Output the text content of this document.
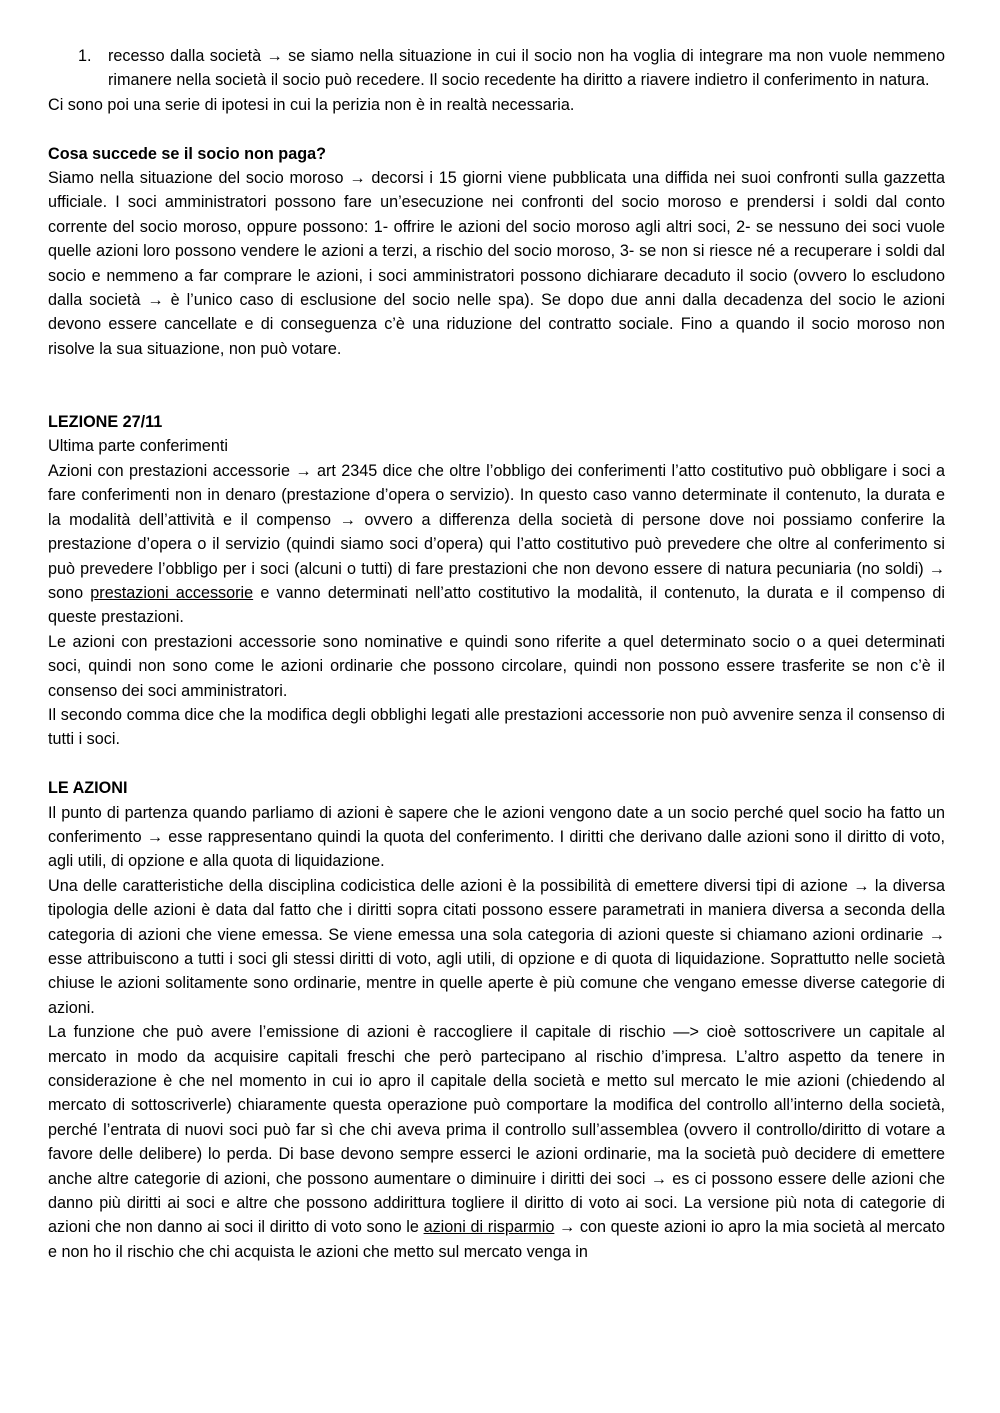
1. recesso dalla società → se siamo nella situazione in cui il socio non ha voglia di integrare ma non vuole nemmeno rimanere nella società il socio può recedere. Il socio recedente ha diritto a riavere indietro il conferimento in natura.

Ci sono poi una serie di ipotesi in cui la perizia non è in realtà necessaria.

Cosa succede se il socio non paga?

Siamo nella situazione del socio moroso → decorsi i 15 giorni viene pubblicata una diffida nei suoi confronti sulla gazzetta ufficiale. I soci amministratori possono fare un’esecuzione nei confronti del socio moroso e prendersi i soldi dal conto corrente del socio moroso, oppure possono: 1- offrire le azioni del socio moroso agli altri soci, 2- se nessuno dei soci vuole quelle azioni loro possono vendere le azioni a terzi, a rischio del socio moroso, 3- se non si riesce né a recuperare i soldi dal socio e nemmeno a far comprare le azioni, i soci amministratori possono dichiarare decaduto il socio (ovvero lo escludono dalla società → è l’unico caso di esclusione del socio nelle spa). Se dopo due anni dalla decadenza del socio le azioni devono essere cancellate e di conseguenza c’è una riduzione del contratto sociale. Fino a quando il socio moroso non risolve la sua situazione, non può votare.

LEZIONE 27/11

Ultima parte conferimenti

Azioni con prestazioni accessorie → art 2345 dice che oltre l’obbligo dei conferimenti l’atto costitutivo può obbligare i soci a fare conferimenti non in denaro (prestazione d’opera o servizio). In questo caso vanno determinate il contenuto, la durata e la modalità dell’attività e il compenso → ovvero a differenza della società di persone dove noi possiamo conferire la prestazione d’opera o il servizio (quindi siamo soci d’opera) qui l’atto costitutivo può prevedere che oltre al conferimento si può prevedere l’obbligo per i soci (alcuni o tutti) di fare prestazioni che non devono essere di natura pecuniaria (no soldi) → sono prestazioni accessorie e vanno determinati nell’atto costitutivo la modalità, il contenuto, la durata e il compenso di queste prestazioni.

Le azioni con prestazioni accessorie sono nominative e quindi sono riferite a quel determinato socio o a quei determinati soci, quindi non sono come le azioni ordinarie che possono circolare, quindi non possono essere trasferite se non c’è il consenso dei soci amministratori.

Il secondo comma dice che la modifica degli obblighi legati alle prestazioni accessorie non può avvenire senza il consenso di tutti i soci.

LE AZIONI

Il punto di partenza quando parliamo di azioni è sapere che le azioni vengono date a un socio perché quel socio ha fatto un conferimento → esse rappresentano quindi la quota del conferimento. I diritti che derivano dalle azioni sono il diritto di voto, agli utili, di opzione e alla quota di liquidazione.

Una delle caratteristiche della disciplina codicistica delle azioni è la possibilità di emettere diversi tipi di azione → la diversa tipologia delle azioni è data dal fatto che i diritti sopra citati possono essere parametrati in maniera diversa a seconda della categoria di azioni che viene emessa. Se viene emessa una sola categoria di azioni queste si chiamano azioni ordinarie → esse attribuiscono a tutti i soci gli stessi diritti di voto, agli utili, di opzione e di quota di liquidazione. Soprattutto nelle società chiuse le azioni solitamente sono ordinarie, mentre in quelle aperte è più comune che vengano emesse diverse categorie di azioni.

La funzione che può avere l’emissione di azioni è raccogliere il capitale di rischio —> cioè sottoscrivere un capitale al mercato in modo da acquisire capitali freschi che però partecipano al rischio d’impresa. L’altro aspetto da tenere in considerazione è che nel momento in cui io apro il capitale della società e metto sul mercato le mie azioni (chiedendo al mercato di sottoscriverle) chiaramente questa operazione può comportare la modifica del controllo all’interno della società, perché l’entrata di nuovi soci può far sì che chi aveva prima il controllo sull’assemblea (ovvero il controllo/diritto di votare a favore delle delibere) lo perda. Di base devono sempre esserci le azioni ordinarie, ma la società può decidere di emettere anche altre categorie di azioni, che possono aumentare o diminuire i diritti dei soci → es ci possono essere delle azioni che danno più diritti ai soci e altre che possono addirittura togliere il diritto di voto ai soci. La versione più nota di categorie di azioni che non danno ai soci il diritto di voto sono le azioni di risparmio → con queste azioni io apro la mia società al mercato e non ho il rischio che chi acquista le azioni che metto sul mercato venga in
